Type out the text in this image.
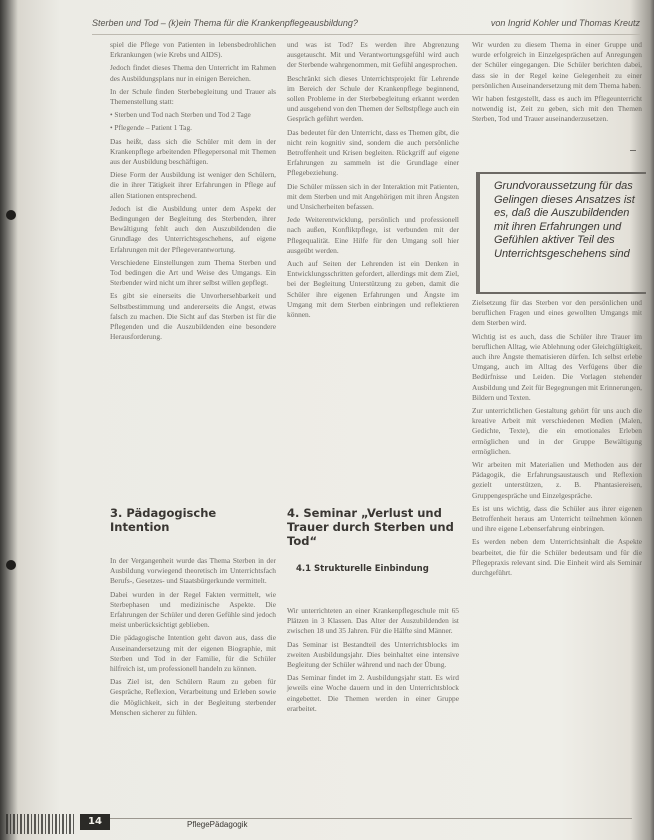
Sterben und Tod – (k)ein Thema für die Krankenpflegeausbildung?	von Ingrid Kohler und Thomas Kreutz

spiel die Pflege von Patienten in lebensbedrohlichen Erkrankungen (wie Krebs und AIDS).

Jedoch findet dieses Thema den Unterricht im Rahmen des Ausbildungsplans nur in einigen Bereichen.

In der Schule finden Sterbebegleitung und Trauer als Themenstellung statt:

• Sterben und Tod nach Sterben und Tod 2 Tage

• Pflegende – Patient 1 Tag.

Das heißt, dass sich die Schüler mit dem in der Krankenpflege arbeitenden Pflegepersonal mit Themen aus der Ausbildung beschäftigen.

Diese Form der Ausbildung ist weniger den Schülern, die in ihrer Tätigkeit ihrer Erfahrungen in Pflege auf allen Stationen entsprechend.

Jedoch ist die Ausbildung unter dem Aspekt der Bedingungen der Begleitung des Sterbenden, ihrer Bewältigung fehlt auch den Auszubildenden die Grundlage des Unterrichtsgeschehens, auf eigene Erfahrungen mit der Pflegeverantwortung.

Verschiedene Einstellungen zum Thema Sterben und Tod bedingen die Art und Weise des Umgangs. Ein Sterbender wird nicht um ihrer selbst willen gepflegt.

Es gibt sie einerseits die Unvorhersehbarkeit und Selbstbestimmung und andererseits die Angst, etwas falsch zu machen. Die Sicht auf das Sterben ist für die Pflegenden und die Auszubildenden eine besondere Herausforderung.

und was ist Tod? Es werden ihre Abgrenzung ausgetauscht. Mit und Verantwortungsgefühl wird auch der Sterbende wahrgenommen, mit Gefühl angesprochen.

Beschränkt sich dieses Unterrichtsprojekt für Lehrende im Bereich der Schule der Krankenpflege beginnend, sollen Probleme in der Sterbebegleitung erkannt werden und ausgehend von den Themen der Selbstpflege auch ein Gespräch geführt werden.

Das bedeutet für den Unterricht, dass es Themen gibt, die nicht rein kognitiv sind, sondern die auch persönliche Betroffenheit und Krisen begleiten. Rückgriff auf eigene Erfahrungen zu sammeln ist die Grundlage einer Pflegebeziehung.

Die Schüler müssen sich in der Interaktion mit Patienten, mit dem Sterben und mit Angehörigen mit ihren Ängsten und Unsicherheiten befassen.

Jede Weiterentwicklung, persönlich und professionell nach außen, Konfliktpflege, ist verbunden mit der Pflegequalität. Eine Hilfe für den Umgang soll hier ausgeübt werden.

Auch auf Seiten der Lehrenden ist ein Denken in Entwicklungsschritten gefordert, allerdings mit dem Ziel, bei der Begleitung Unterstützung zu geben, damit die Schüler ihre eigenen Erfahrungen und Ängste im Umgang mit dem Sterben einbringen und reflektieren können.

Wir wurden zu diesem Thema in einer Gruppe und wurde erfolgreich in Einzelgesprächen auf Anregungen der Schüler eingegangen. Die Schüler berichten dabei, dass sie in der Regel keine Gelegenheit zu einer persönlichen Auseinandersetzung mit dem Thema haben.

Wir haben festgestellt, dass es auch im Pflegeunterricht notwendig ist, Zeit zu geben, sich mit den Themen Sterben, Tod und Trauer auseinanderzusetzen.

Grundvoraussetzung für das Gelingen dieses Ansatzes ist es, daß die Auszubildenden mit ihren Erfahrungen und Gefühlen aktiver Teil des Unterrichtsgeschehens sind

Zielsetzung für das Sterben vor den persönlichen und beruflichen Fragen und eines gewollten Umgangs mit dem Sterben wird.

Wichtig ist es auch, dass die Schüler ihre Trauer im beruflichen Alltag, wie Ablehnung oder Gleichgültigkeit, auch ihre Ängste thematisieren dürfen. Ich selbst erlebe Umgang, auch im Alltag des Verfügens über die Bedürfnisse und Leiden. Die Vorlagen stehender Ausbildung und Zeit für Begegnungen mit Erinnerungen, Bildern und Texten.

Zur unterrichtlichen Gestaltung gehört für uns auch die kreative Arbeit mit verschiedenen Medien (Malen, Gedichte, Texte), die ein emotionales Erleben ermöglichen und in der Gruppe Bewältigung ermöglichen.

Wir arbeiten mit Materialien und Methoden aus der Pädagogik, die Erfahrungsaustausch und Reflexion gezielt unterstützen, z. B. Phantasiereisen, Gruppengespräche und Einzelgespräche.

Es ist uns wichtig, dass die Schüler aus ihrer eigenen Betroffenheit heraus am Unterricht teilnehmen können und ihre eigene Lebenserfahrung einbringen.

Es werden neben dem Unterrichtsinhalt die Aspekte bearbeitet, die für die Schüler bedeutsam und für die Pflegepraxis relevant sind. Die Einheit wird als Seminar durchgeführt.

3. Pädagogische Intention

In der Vergangenheit wurde das Thema Sterben in der Ausbildung vorwiegend theoretisch im Unterrichtsfach Berufs-, Gesetzes- und Staatsbürgerkunde vermittelt.

Dabei wurden in der Regel Fakten vermittelt, wie Sterbephasen und medizinische Aspekte. Die Erfahrungen der Schüler und deren Gefühle sind jedoch meist unberücksichtigt geblieben.

Die pädagogische Intention geht davon aus, dass die Auseinandersetzung mit der eigenen Biographie, mit Sterben und Tod in der Familie, für die Schüler hilfreich ist, um professionell handeln zu können.

Das Ziel ist, den Schülern Raum zu geben für Gespräche, Reflexion, Verarbeitung und Erleben sowie die Möglichkeit, sich in der Begleitung sterbender Menschen sicherer zu fühlen.

4. Seminar „Verlust und Trauer durch Sterben und Tod“
4.1 Strukturelle Einbindung

Wir unterrichteten an einer Krankenpflegeschule mit 65 Plätzen in 3 Klassen. Das Alter der Auszubildenden ist zwischen 18 und 35 Jahren. Für die Hälfte sind Männer.

Das Seminar ist Bestandteil des Unterrichtsblocks im zweiten Ausbildungsjahr. Dies beinhaltet eine intensive Begleitung der Schüler während und nach der Übung.

Das Seminar findet im 2. Ausbildungsjahr statt. Es wird jeweils eine Woche dauern und in den Unterrichtsblock eingebettet. Die Themen werden in einer Gruppe erarbeitet.

14	PflegePädagogik
